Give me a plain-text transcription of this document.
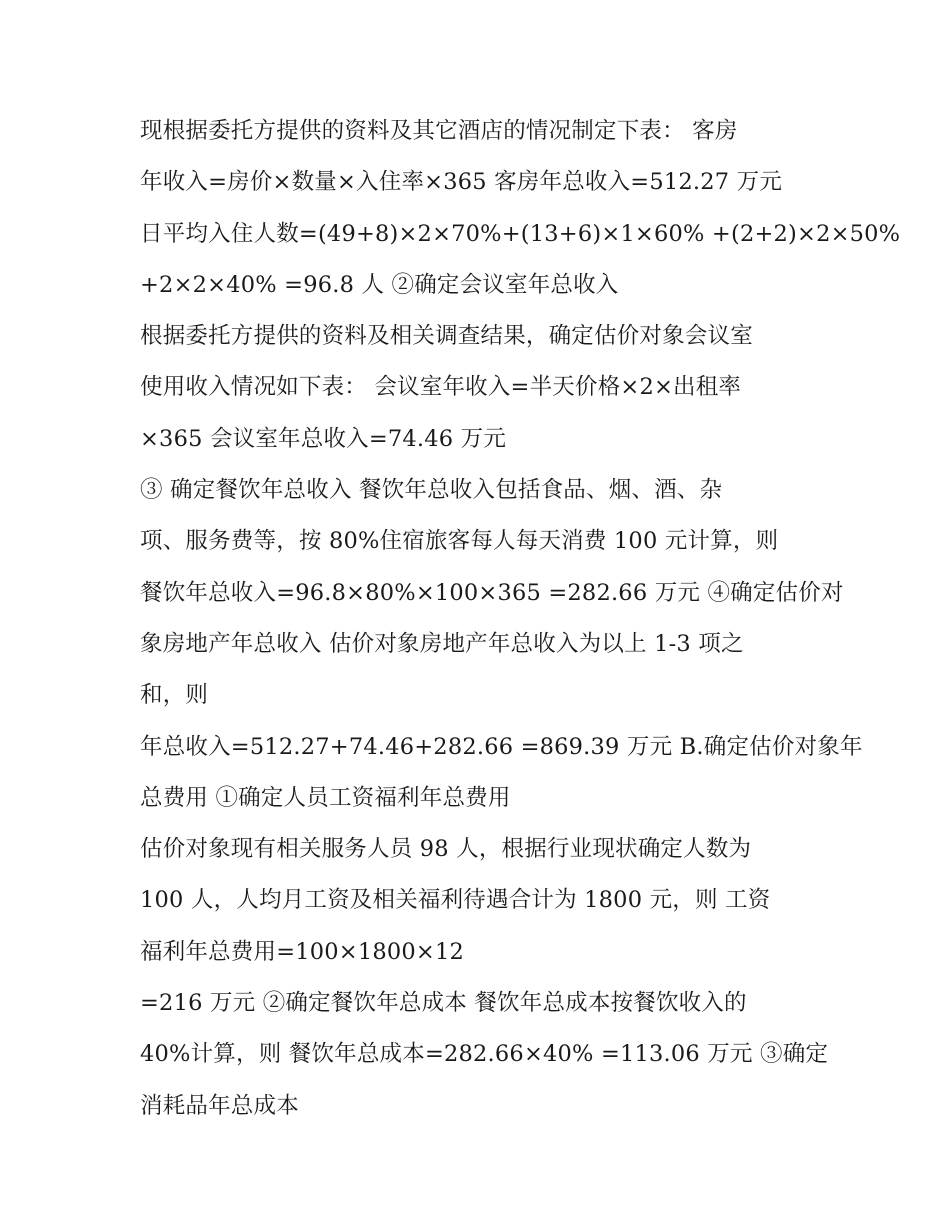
现根据委托方提供的资料及其它酒店的情况制定下表： 客房
年收入=房价×数量×入住率×365 客房年总收入=512.27 万元
日平均入住人数=(49+8)×2×70%+(13+6)×1×60% +(2+2)×2×50%
+2×2×40% =96.8 人 ②确定会议室年总收入
根据委托方提供的资料及相关调查结果，确定估价对象会议室
使用收入情况如下表： 会议室年收入=半天价格×2×出租率
×365 会议室年总收入=74.46 万元
③ 确定餐饮年总收入 餐饮年总收入包括食品、烟、酒、杂
项、服务费等，按 80%住宿旅客每人每天消费 100 元计算，则
餐饮年总收入=96.8×80%×100×365 =282.66 万元 ④确定估价对
象房地产年总收入 估价对象房地产年总收入为以上 1-3 项之
和，则
年总收入=512.27+74.46+282.66 =869.39 万元 B.确定估价对象年
总费用 ①确定人员工资福利年总费用
估价对象现有相关服务人员 98 人，根据行业现状确定人数为
100 人，人均月工资及相关福利待遇合计为 1800 元，则 工资
福利年总费用=100×1800×12
=216 万元 ②确定餐饮年总成本 餐饮年总成本按餐饮收入的
40%计算，则 餐饮年总成本=282.66×40% =113.06 万元 ③确定
消耗品年总成本
